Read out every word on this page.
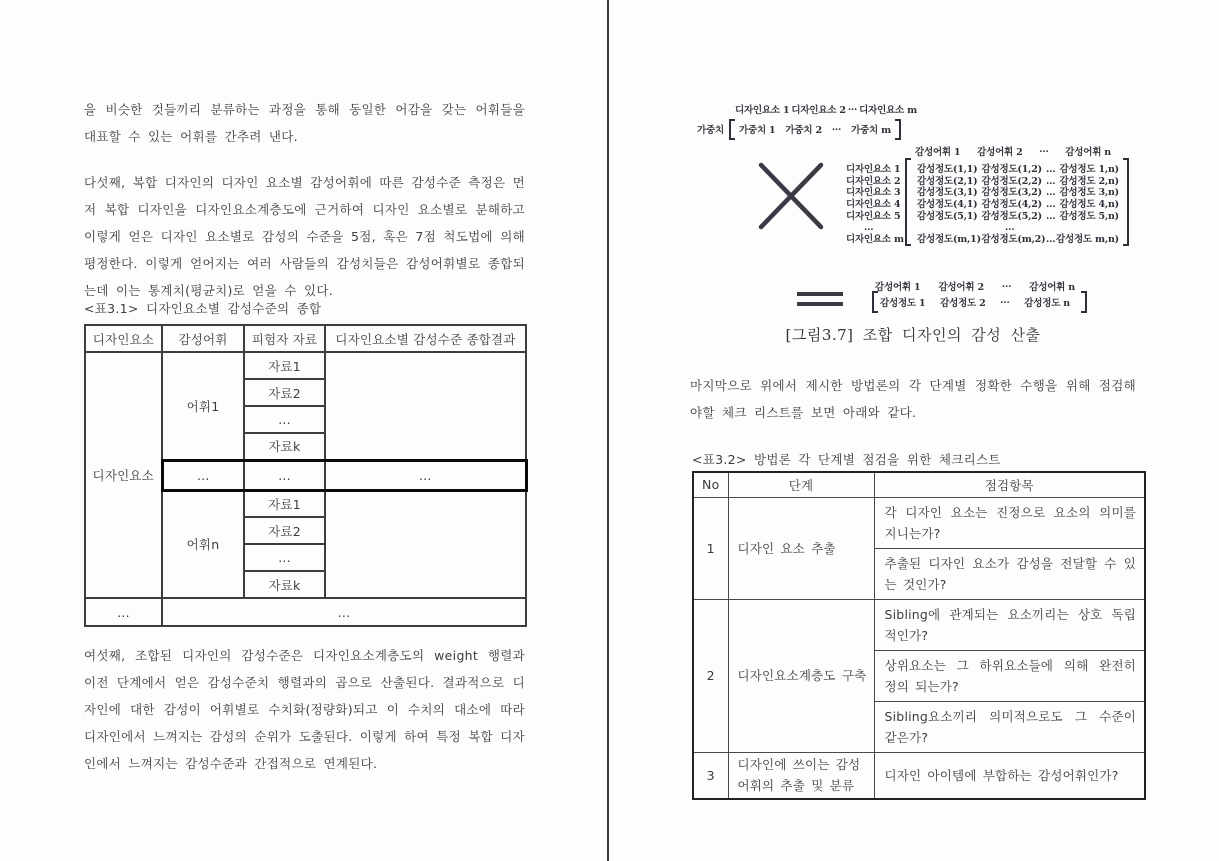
을 비슷한 것들끼리 분류하는 과정을 통해 동일한 어감을 갖는 어휘들을 대표할 수 있는 어휘를 간추려 낸다.

다섯째, 복합 디자인의 디자인 요소별 감성어휘에 따른 감성수준 측정은 먼저 복합 디자인을 디자인요소계층도에 근거하여 디자인 요소별로 분해하고 이렇게 얻은 디자인 요소별로 감성의 수준을 5점, 혹은 7점 척도법에 의해 평정한다. 이렇게 얻어지는 여러 사람들의 감성치들은 감성어휘별로 종합되는데 이는 통계치(평균치)로 얻을 수 있다.

<표3.1> 디자인요소별 감성수준의 종합
디자인요소	감성어휘	피험자 자료	디자인요소별 감성수준 종합결과
디자인요소	어휘1	자료1	
		자료2	
		...	
		자료k	
	...	...	...
	어휘n	자료1	
		자료2	
		...	
		자료k	
...	...		

여섯째, 조합된 디자인의 감성수준은 디자인요소계층도의 weight 행렬과 이전 단계에서 얻은 감성수준치 행렬과의 곱으로 산출된다. 결과적으로 디자인에 대한 감성이 어휘별로 수치화(정량화)되고 이 수치의 대소에 따라 디자인에서 느껴지는 감성의 순위가 도출된다. 이렇게 하여 특정 복합 디자인에서 느껴지는 감성수준과 간접적으로 연계된다.

디자인요소 1 디자인요소 2 ... 디자인요소 m
가중치 가중치 1 가중치 2 ... 가중치 m
감성어휘 1 감성어휘 2 ... 감성어휘 n
디자인요소 1
디자인요소 2
디자인요소 3
디자인요소 4
디자인요소 5
...
디자인요소 m
감성정도(1,1) 감성정도(1,2) ... 감성정도 1,n)
감성정도(2,1) 감성정도(2,2) ... 감성정도 2,n)
감성정도(3,1) 감성정도(3,2) ... 감성정도 3,n)
감성정도(4,1) 감성정도(4,2) ... 감성정도 4,n)
감성정도(5,1) 감성정도(5,2) ... 감성정도 5,n)
...
감성정도(m,1) 감성정도(m,2) ... 감성정도 m,n)
감성어휘 1 감성어휘 2 ... 감성어휘 n
감성정도 1 감성정도 2 ... 감성정도 n
[그림3.7] 조합 디자인의 감성 산출

마지막으로 위에서 제시한 방법론의 각 단계별 정확한 수행을 위해 점검해야할 체크 리스트를 보면 아래와 같다.

<표3.2> 방법론 각 단계별 점검을 위한 체크리스트
No	단계	점검항목
1	디자인 요소 추출	각 디자인 요소는 진정으로 요소의 의미를 지니는가?
		추출된 디자인 요소가 감성을 전달할 수 있는 것인가?
2	디자인요소계층도 구축	Sibling에 관계되는 요소끼리는 상호 독립적인가?
		상위요소는 그 하위요소들에 의해 완전히 정의 되는가?
		Sibling요소끼리 의미적으로도 그 수준이 같은가?
3	디자인에 쓰이는 감성 어휘의 추출 및 분류	디자인 아이템에 부합하는 감성어휘인가?
